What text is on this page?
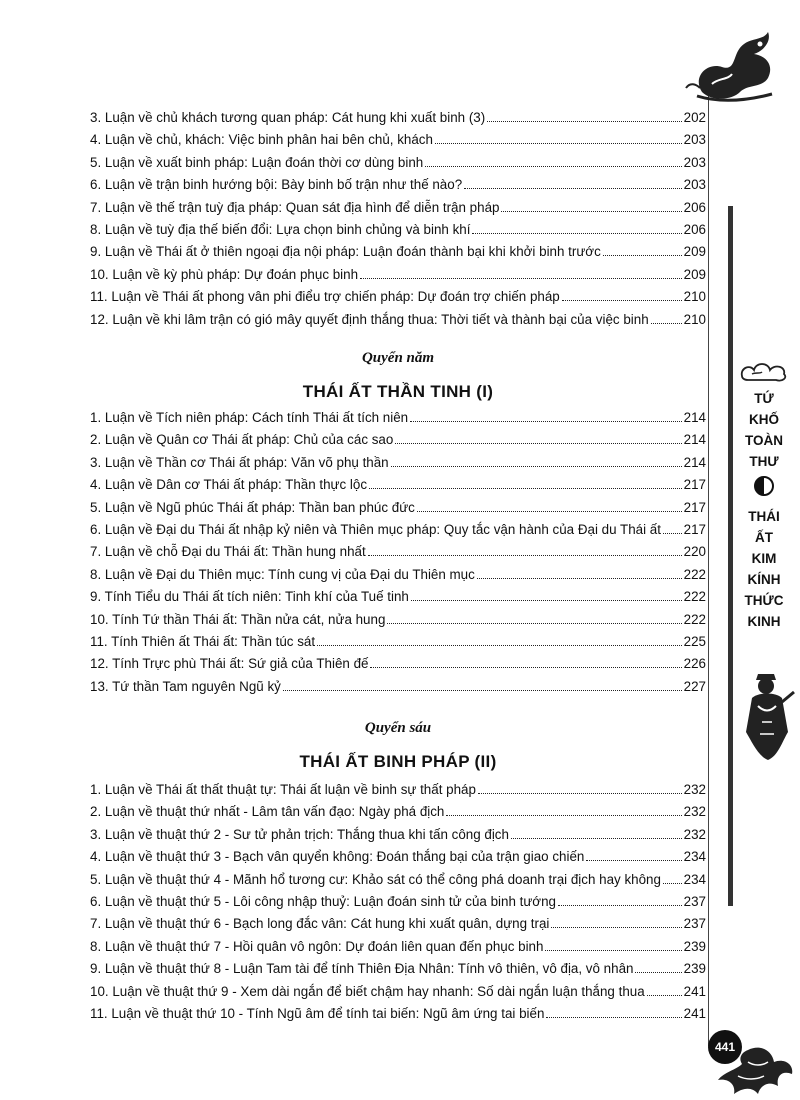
3. Luận về chủ khách tương quan pháp: Cát hung khi xuất binh (3)	202
4. Luận về chủ, khách: Việc binh phân hai bên chủ, khách	203
5. Luận về xuất binh pháp: Luận đoán thời cơ dùng binh	203
6. Luận về trận binh hướng bội: Bày binh bố trận như thế nào?	203
7. Luận về thế trận tuỳ địa pháp: Quan sát địa hình để diễn trận pháp	206
8. Luận về tuỳ địa thế biến đổi: Lựa chọn binh chủng và binh khí	206
9. Luận về Thái ất ở thiên ngoại địa nội pháp: Luận đoán thành bại khi khởi binh trước	209
10. Luận về kỳ phù pháp: Dự đoán phục binh	209
11. Luận về Thái ất phong vân phi điểu trợ chiến pháp: Dự đoán trợ chiến pháp	210
12. Luận về khi lâm trận có gió mây quyết định thắng thua: Thời tiết và thành bại của việc binh	210
Quyển năm
THÁI ẤT THẦN TINH (I)
1. Luận về Tích niên pháp: Cách tính Thái ất tích niên	214
2. Luận về Quân cơ Thái ất pháp: Chủ của các sao	214
3. Luận về Thần cơ Thái ất pháp: Văn võ phụ thần	214
4. Luận về Dân cơ Thái ất pháp: Thần thực lộc	217
5. Luận về Ngũ phúc Thái ất pháp: Thần ban phúc đức	217
6. Luận về Đại du Thái ất nhập kỷ niên và Thiên mục pháp: Quy tắc vận hành của Đại du Thái ất 217
7. Luận về chỗ Đại du Thái ất: Thần hung nhất	220
8. Luận về Đại du Thiên mục: Tính cung vị của Đại du Thiên mục	222
9. Tính Tiểu du Thái ất tích niên: Tinh khí của Tuế tinh	222
10. Tính Tứ thần Thái ất: Thần nửa cát, nửa hung	222
11. Tính Thiên ất Thái ất: Thần túc sát	225
12. Tính Trực phù Thái ất: Sứ giả của Thiên đế	226
13. Tứ thần Tam nguyên Ngũ kỷ	227
Quyển sáu
THÁI ẤT BINH PHÁP (II)
1. Luận về Thái ất thất thuật tự: Thái ất luận về binh sự thất pháp	232
2. Luận về thuật thứ nhất - Lâm tân vấn đạo: Ngày phá địch	232
3. Luận về thuật thứ 2 - Sư tử phản trịch: Thắng thua khi tấn công địch	232
4. Luận về thuật thứ 3 - Bạch vân quyển không: Đoán thắng bại của trận giao chiến	234
5. Luận về thuật thứ 4 - Mãnh hổ tương cư: Khảo sát có thể công phá doanh trại địch hay không 234
6. Luận về thuật thứ 5 - Lôi công nhập thuỷ: Luận đoán sinh tử của binh tướng	237
7. Luận về thuật thứ 6 - Bạch long đắc vân: Cát hung khi xuất quân, dựng trại	237
8. Luận về thuật thứ 7 - Hồi quân vô ngôn: Dự đoán liên quan đến phục binh	239
9. Luận về thuật thứ 8 - Luận Tam tài để tính Thiên Địa Nhân: Tính vô thiên, vô địa, vô nhân	239
10. Luận về thuật thứ 9 - Xem dài ngắn để biết chậm hay nhanh: Số dài ngắn luận thắng thua	241
11. Luận về thuật thứ 10 - Tính Ngũ âm để tính tai biến: Ngũ âm ứng tai biến	241
TỨ
KHỐ
TOÀN
THƯ
THÁI
ẤT
KIM
KÍNH
THỨC
KINH
441
